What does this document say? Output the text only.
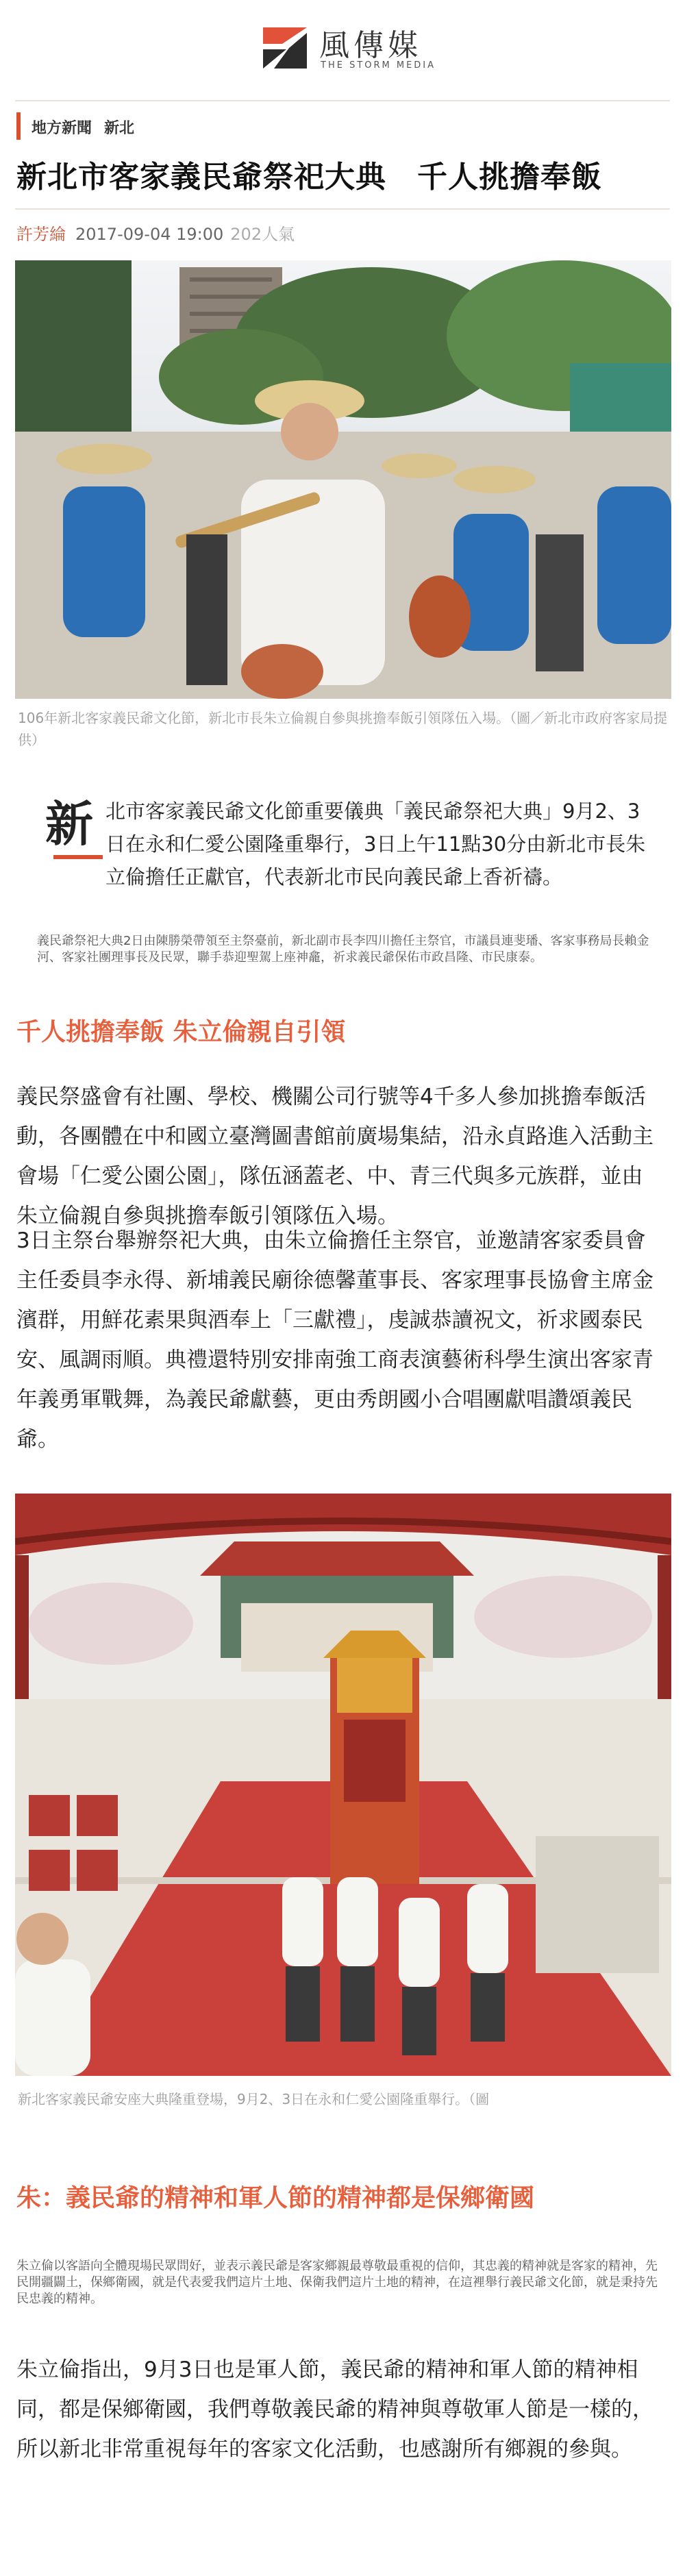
風傳媒
THE STORM MEDIA
地方新聞 新北
新北市客家義民爺祭祀大典　千人挑擔奉飯
許芳綸 2017-09-04 19:00 202人氣
106年新北客家義民爺文化節，新北市長朱立倫親自參與挑擔奉飯引領隊伍入場。（圖／新北市政府客家局提供）
新 北市客家義民爺文化節重要儀典「義民爺祭祀大典」9月2、3日在永和仁愛公園隆重舉行，3日上午11點30分由新北市長朱立倫擔任正獻官，代表新北市民向義民爺上香祈禱。
義民爺祭祀大典2日由陳勝榮帶領至主祭臺前，新北副市長李四川擔任主祭官，市議員連斐璠、客家事務局長賴金河、客家社團理事長及民眾，聯手恭迎聖駕上座神龕，祈求義民爺保佑市政昌隆、市民康泰。
千人挑擔奉飯 朱立倫親自引領
義民祭盛會有社團、學校、機關公司行號等4千多人參加挑擔奉飯活動，各團體在中和國立臺灣圖書館前廣場集結，沿永貞路進入活動主會場「仁愛公園公園」，隊伍涵蓋老、中、青三代與多元族群，並由朱立倫親自參與挑擔奉飯引領隊伍入場。
3日主祭台舉辦祭祀大典，由朱立倫擔任主祭官，並邀請客家委員會主任委員李永得、新埔義民廟徐德馨董事長、客家理事長協會主席金濱群，用鮮花素果與酒奉上「三獻禮」，虔誠恭讀祝文，祈求國泰民安、風調雨順。典禮還特別安排南強工商表演藝術科學生演出客家青年義勇軍戰舞，為義民爺獻藝，更由秀朗國小合唱團獻唱讚頌義民爺。
新北客家義民爺安座大典隆重登場，9月2、3日在永和仁愛公園隆重舉行。（圖
朱：義民爺的精神和軍人節的精神都是保鄉衛國
朱立倫以客語向全體現場民眾問好，並表示義民爺是客家鄉親最尊敬最重視的信仰，其忠義的精神就是客家的精神，先民開疆闢土，保鄉衛國，就是代表愛我們這片土地、保衛我們這片土地的精神，在這裡舉行義民爺文化節，就是秉持先民忠義的精神。
朱立倫指出，9月3日也是軍人節，義民爺的精神和軍人節的精神相同，都是保鄉衛國，我們尊敬義民爺的精神與尊敬軍人節是一樣的，所以新北非常重視每年的客家文化活動，也感謝所有鄉親的參與。
